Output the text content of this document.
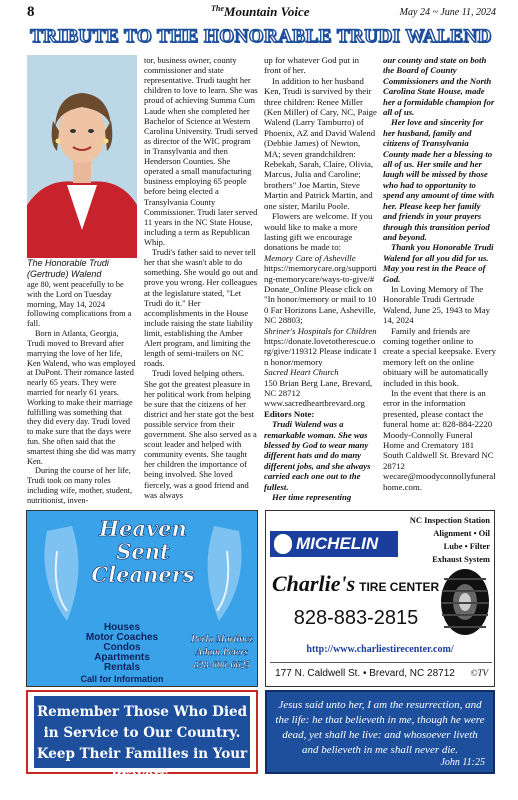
8	$^{The}$Mountain Voice	May 24 ~ June 11, 2024
TRIBUTE TO THE HONORABLE TRUDI WALEND
The Honorable Trudi (Gertrude) Walend

age 80, went peacefully to be with the Lord on Tuesday morning, May 14, 2024 following complications from a fall.

Born in Atlanta, Georgia, Trudi moved to Brevard after marrying the love of her life, Ken Walend, who was employed at DuPont. Their romance lasted nearly 65 years. They were married for nearly 61 years. Working to make their marriage fulfilling was something that they did every day. Trudi loved to make sure that the days were fun. She often said that the smartest thing she did was marry Ken.

During the course of her life, Trudi took on many roles including wife, mother, student, nutritionist, inven-

tor, business owner, county commissioner and state representative. Trudi taught her children to love to learn. She was proud of achieving Summa Cum Laude when she completed her Bachelor of Science at Western Carolina University. Trudi served as director of the WIC program in Transylvania and then Henderson Counties. She operated a small manufacturing business employing 65 people before being elected a Transylvania County Commissioner. Trudi later served 11 years in the NC State House, including a term as Republican Whip.

Trudi's father said to never tell her that she wasn't able to do something. She would go out and prove you wrong. Her colleagues at the legislature stated, "Let Trudi do it." Her accomplishments in the House include raising the state liability limit, establishing the Amber Alert program, and limiting the length of semi-trailers on NC roads.

Trudi loved helping others. She got the greatest pleasure in her political work from helping be sure that the citizens of her district and her state got the best possible service from their government. She also served as a scout leader and helped with community events. She taught her children the importance of being involved. She loved fiercely, was a good friend and was always

up for whatever God put in front of her.

In addition to her husband Ken, Trudi is survived by their three children: Renee Miller (Ken Miller) of Cary, NC, Paige Walend (Larry Tamburro) of Phoenix, AZ and David Walend (Debbie James) of Newton, MA; seven grandchildren: Rebekah, Sarah, Claire, Olivia, Marcus, Julia and Caroline; brothers" Joe Martin, Steve Martin and Patrick Martin, and one sister, Marilu Poole.

Flowers are welcome. If you would like to make a more lasting gift we encourage donations be made to:

Memory Care of Asheville

https://memorycare.org/supporting-memorycare/ways-to-give/#Donate_Online Please click on "In honor/memory or mail to 100 Far Horizons Lane, Asheville, NC 28803;

Shriner's Hospitals for Children

https://donate.lovetotherescue.org/give/119312 Please indicate In honor/memory

Sacred Heart Church

150 Brian Berg Lane, Brevard, NC 28712 www.sacredheartbrevard.org

Editors Note:

Trudi Walend was a remarkable woman. She was blessed by God to wear many different hats and do many different jobs, and she always carried each one out to the fullest.

Her time representing

our county and state on both the Board of County Commissioners and the North Carolina State House, made her a formidable champion for all of us.

Her love and sincerity for her husband, family and citizens of Transylvania County made her a blessing to all of us. Her smile and her laugh will be missed by those who had to opportunity to spend any amount of time with her. Please keep her family and friends in your prayers through this transition period and beyond.

Thank you Honorable Trudi Walend for all you did for us. May you rest in the Peace of God.

In Loving Memory of The Honorable Trudi Gertrude Walend, June 25, 1943 to May 14, 2024

Family and friends are coming together online to create a special keepsake. Every memory left on the online obituary will be automatically included in this book.

In the event that there is an error in the information presented, please contact the funeral home at: 828-884-2220 Moody-Connolly Funeral Home and Crematory 181 South Caldwell St. Brevard NC 28712 wecare@moodyconnollyfuneralhome.com.

Heaven
Sent
Cleaners
Houses
Motor Coaches
Condos
Apartments
Rentals
Call for Information
Perla Martinez
Adam Peters
828-606-6625
NC Inspection Station
Alignment • Oil
Lube • Filter
Exhaust System
MICHELIN
Charlie's TIRE CENTER
828-883-2815
http://www.charliestirecenter.com/
177 N. Caldwell St. • Brevard, NC 28712	©TV
Remember Those Who Died in Service to Our Country. Keep Their Families in Your Prayers.
Jesus said unto her, I am the resurrection, and the life: he that believeth in me, though he were dead, yet shall he live: and whosoever liveth and believeth in me shall never die.
John 11:25
